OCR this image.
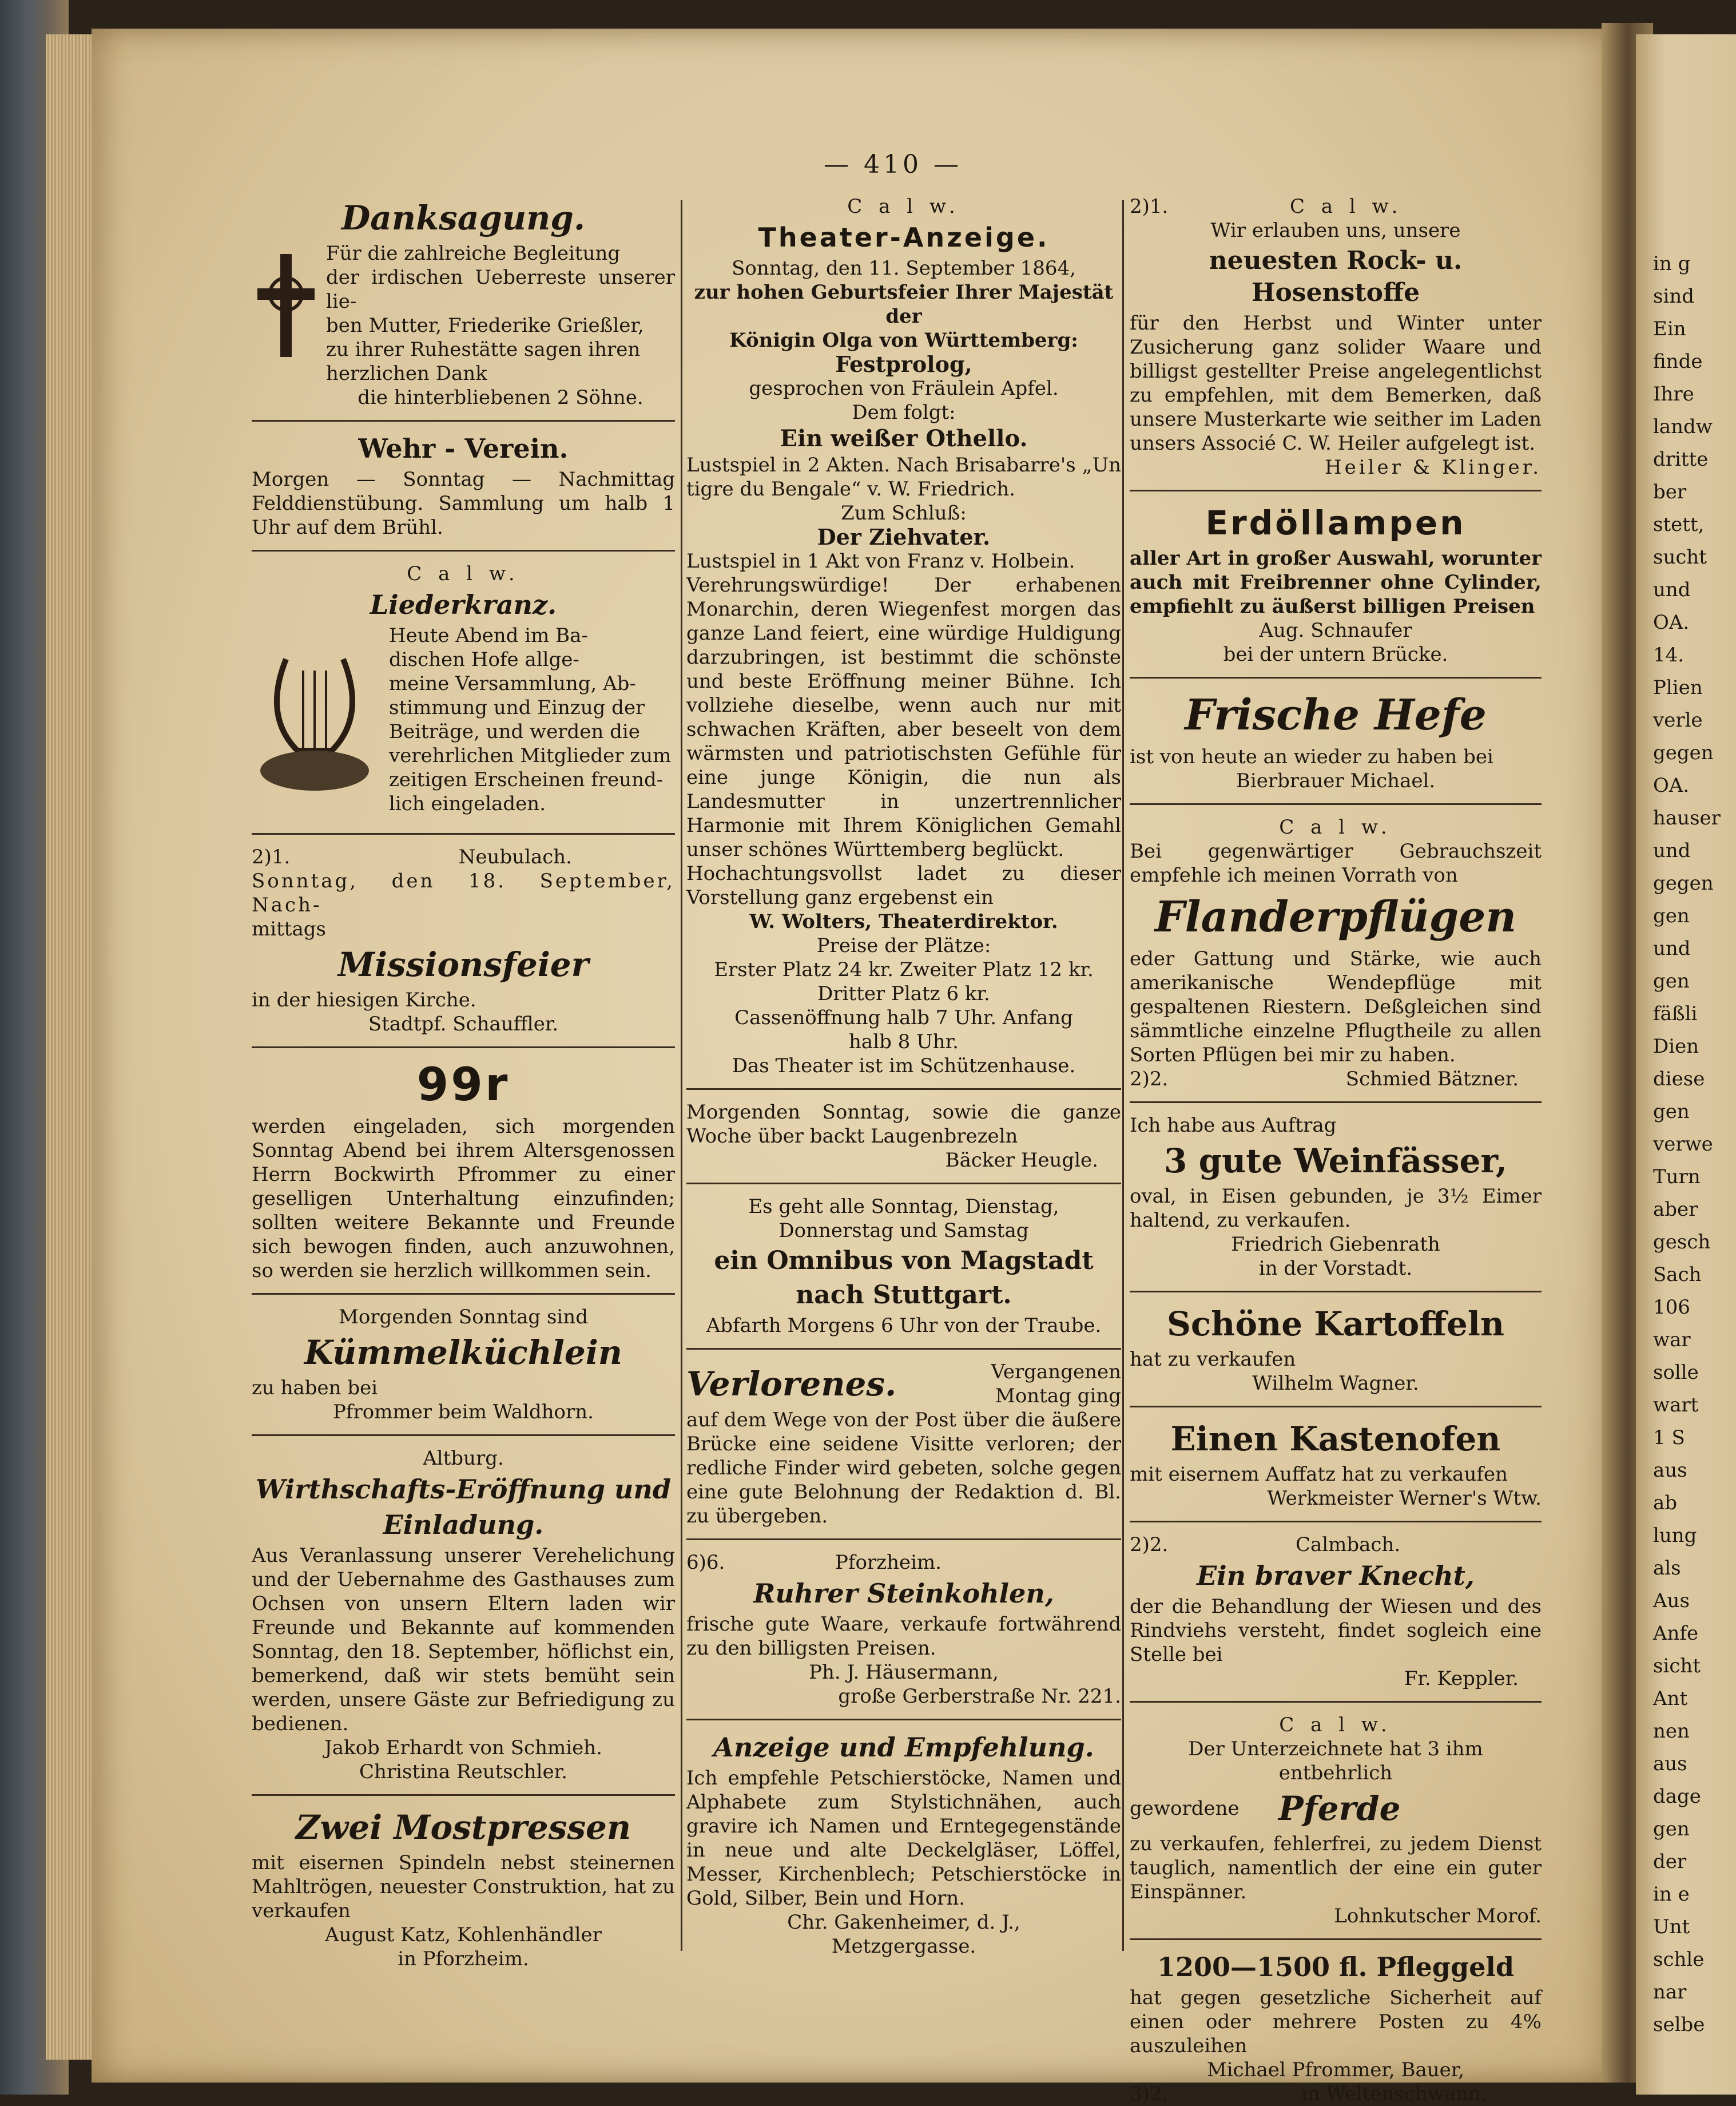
in g
sind
Ein
finde
Ihre
landw
dritte
ber
stett,
sucht
und
OA.
14.
Plien
verle
gegen
OA.
hauser
und
gegen
gen
und
gen
fäßli
Dien
diese
gen
verwe
Turn
aber
gesch
Sach
106
war
solle
wart
1 S
aus
ab
lung
als
Aus
Anfe
sicht
Ant
nen
aus
dage
gen
der
in e
Unt
schle
nar
selbe
— 410 —
Danksagung.

Für die zahlreiche Begleitung

der irdischen Ueberreste unserer lie-

ben Mutter, Friederike Grießler,

zu ihrer Ruhestätte sagen ihren

herzlichen Dank

die hinterbliebenen 2 Söhne.

Wehr - Verein.

Morgen — Sonntag — Nachmittag Felddienstübung. Sammlung um halb 1 Uhr auf dem Brühl.

C a l w.

Liederkranz.

Heute Abend im Ba-

dischen Hofe allge-

meine Versammlung, Ab-

stimmung und Einzug der

Beiträge, und werden die

verehrlichen Mitglieder zum

zeitigen Erscheinen freund-

lich eingeladen.

2)1.	Neubulach.

Sonntag, den 18. September, Nach-

mittags

Missionsfeier

in der hiesigen Kirche.

Stadtpf. Schauffler.

99r

werden eingeladen, sich morgenden Sonntag Abend bei ihrem Altersgenossen Herrn Bockwirth Pfrommer zu einer geselligen Unterhaltung einzufinden; sollten weitere Bekannte und Freunde sich bewogen finden, auch anzuwohnen, so werden sie herzlich willkommen sein.

Morgenden Sonntag sind

Kümmelküchlein

zu haben bei

Pfrommer beim Waldhorn.

Altburg.

Wirthschafts-Eröffnung und
Einladung.

Aus Veranlassung unserer Verehelichung und der Uebernahme des Gasthauses zum Ochsen von unsern Eltern laden wir Freunde und Bekannte auf kommenden Sonntag, den 18. September, höflichst ein, bemerkend, daß wir stets bemüht sein werden, unsere Gäste zur Befriedigung zu bedienen.

Jakob Erhardt von Schmieh.

Christina Reutschler.

Zwei Mostpressen

mit eisernen Spindeln nebst steinernen Mahltrögen, neuester Construktion, hat zu verkaufen

August Katz, Kohlenhändler

in Pforzheim.

C a l w.

Theater-Anzeige.

Sonntag, den 11. September 1864,

zur hohen Geburtsfeier Ihrer Majestät der

Königin Olga von Württemberg:

Festprolog,

gesprochen von Fräulein Apfel.

Dem folgt:

Ein weißer Othello.

Lustspiel in 2 Akten. Nach Brisabarre's „Un tigre du Bengale“ v. W. Friedrich.

Zum Schluß:

Der Ziehvater.

Lustspiel in 1 Akt von Franz v. Holbein.

Verehrungswürdige! Der erhabenen Monarchin, deren Wiegenfest morgen das ganze Land feiert, eine würdige Huldigung darzubringen, ist bestimmt die schönste und beste Eröffnung meiner Bühne. Ich vollziehe dieselbe, wenn auch nur mit schwachen Kräften, aber beseelt von dem wärmsten und patriotischsten Gefühle für eine junge Königin, die nun als Landesmutter in unzertrennlicher Harmonie mit Ihrem Königlichen Gemahl unser schönes Württemberg beglückt.

Hochachtungsvollst ladet zu dieser Vorstellung ganz ergebenst ein

W. Wolters, Theaterdirektor.

Preise der Plätze:

Erster Platz 24 kr. Zweiter Platz 12 kr.

Dritter Platz 6 kr.

Cassenöffnung halb 7 Uhr. Anfang

halb 8 Uhr.

Das Theater ist im Schützenhause.

Morgenden Sonntag, sowie die ganze Woche über backt Laugenbrezeln

Bäcker Heugle.

Es geht alle Sonntag, Dienstag,

Donnerstag und Samstag

ein Omnibus von Magstadt
nach Stuttgart.

Abfarth Morgens 6 Uhr von der Traube.

Verlorenes.	Vergangenen
Montag ging

auf dem Wege von der Post über die äußere Brücke eine seidene Visitte verloren; der redliche Finder wird gebeten, solche gegen eine gute Belohnung der Redaktion d. Bl. zu übergeben.

6)6.	Pforzheim.
Ruhrer Steinkohlen,

frische gute Waare, verkaufe fortwährend zu den billigsten Preisen.

Ph. J. Häusermann,

große Gerberstraße Nr. 221.

Anzeige und Empfehlung.

Ich empfehle Petschierstöcke, Namen und Alphabete zum Stylstichnähen, auch gravire ich Namen und Erntegegenstände in neue und alte Deckelgläser, Löffel, Messer, Kirchenblech; Petschierstöcke in Gold, Silber, Bein und Horn.

Chr. Gakenheimer, d. J.,

Metzgergasse.

2)1.	C a l w.

Wir erlauben uns, unsere

neuesten Rock- u. Hosenstoffe

für den Herbst und Winter unter Zusicherung ganz solider Waare und billigst gestellter Preise angelegentlichst zu empfehlen, mit dem Bemerken, daß unsere Musterkarte wie seither im Laden unsers Associé C. W. Heiler aufgelegt ist.

Heiler & Klinger.

Erdöllampen

aller Art in großer Auswahl, worunter auch mit Freibrenner ohne Cylinder, empfiehlt zu äußerst billigen Preisen

Aug. Schnaufer

bei der untern Brücke.

Frische Hefe

ist von heute an wieder zu haben bei

Bierbrauer Michael.

C a l w.

Bei gegenwärtiger Gebrauchszeit empfehle ich meinen Vorrath von

Flanderpflügen

eder Gattung und Stärke, wie auch amerikanische Wendepflüge mit gespaltenen Riestern. Deßgleichen sind sämmtliche einzelne Pflugtheile zu allen Sorten Pflügen bei mir zu haben.

2)2.	Schmied Bätzner.

Ich habe aus Auftrag

3 gute Weinfässer,

oval, in Eisen gebunden, je 3½ Eimer haltend, zu verkaufen.

Friedrich Giebenrath

in der Vorstadt.

Schöne Kartoffeln

hat zu verkaufen

Wilhelm Wagner.

Einen Kastenofen

mit eisernem Auffatz hat zu verkaufen

Werkmeister Werner's Wtw.

2)2.	Calmbach.
Ein braver Knecht,

der die Behandlung der Wiesen und des Rindviehs versteht, findet sogleich eine Stelle bei

Fr. Keppler.

C a l w.

Der Unterzeichnete hat 3 ihm entbehrlich

gewordene	Pferde

zu verkaufen, fehlerfrei, zu jedem Dienst tauglich, namentlich der eine ein guter Einspänner.

Lohnkutscher Morof.

1200—1500 fl. Pfleggeld

hat gegen gesetzliche Sicherheit auf einen oder mehrere Posten zu 4% auszuleihen

Michael Pfrommer, Bauer,

3)2.	in Weltenschwann.
